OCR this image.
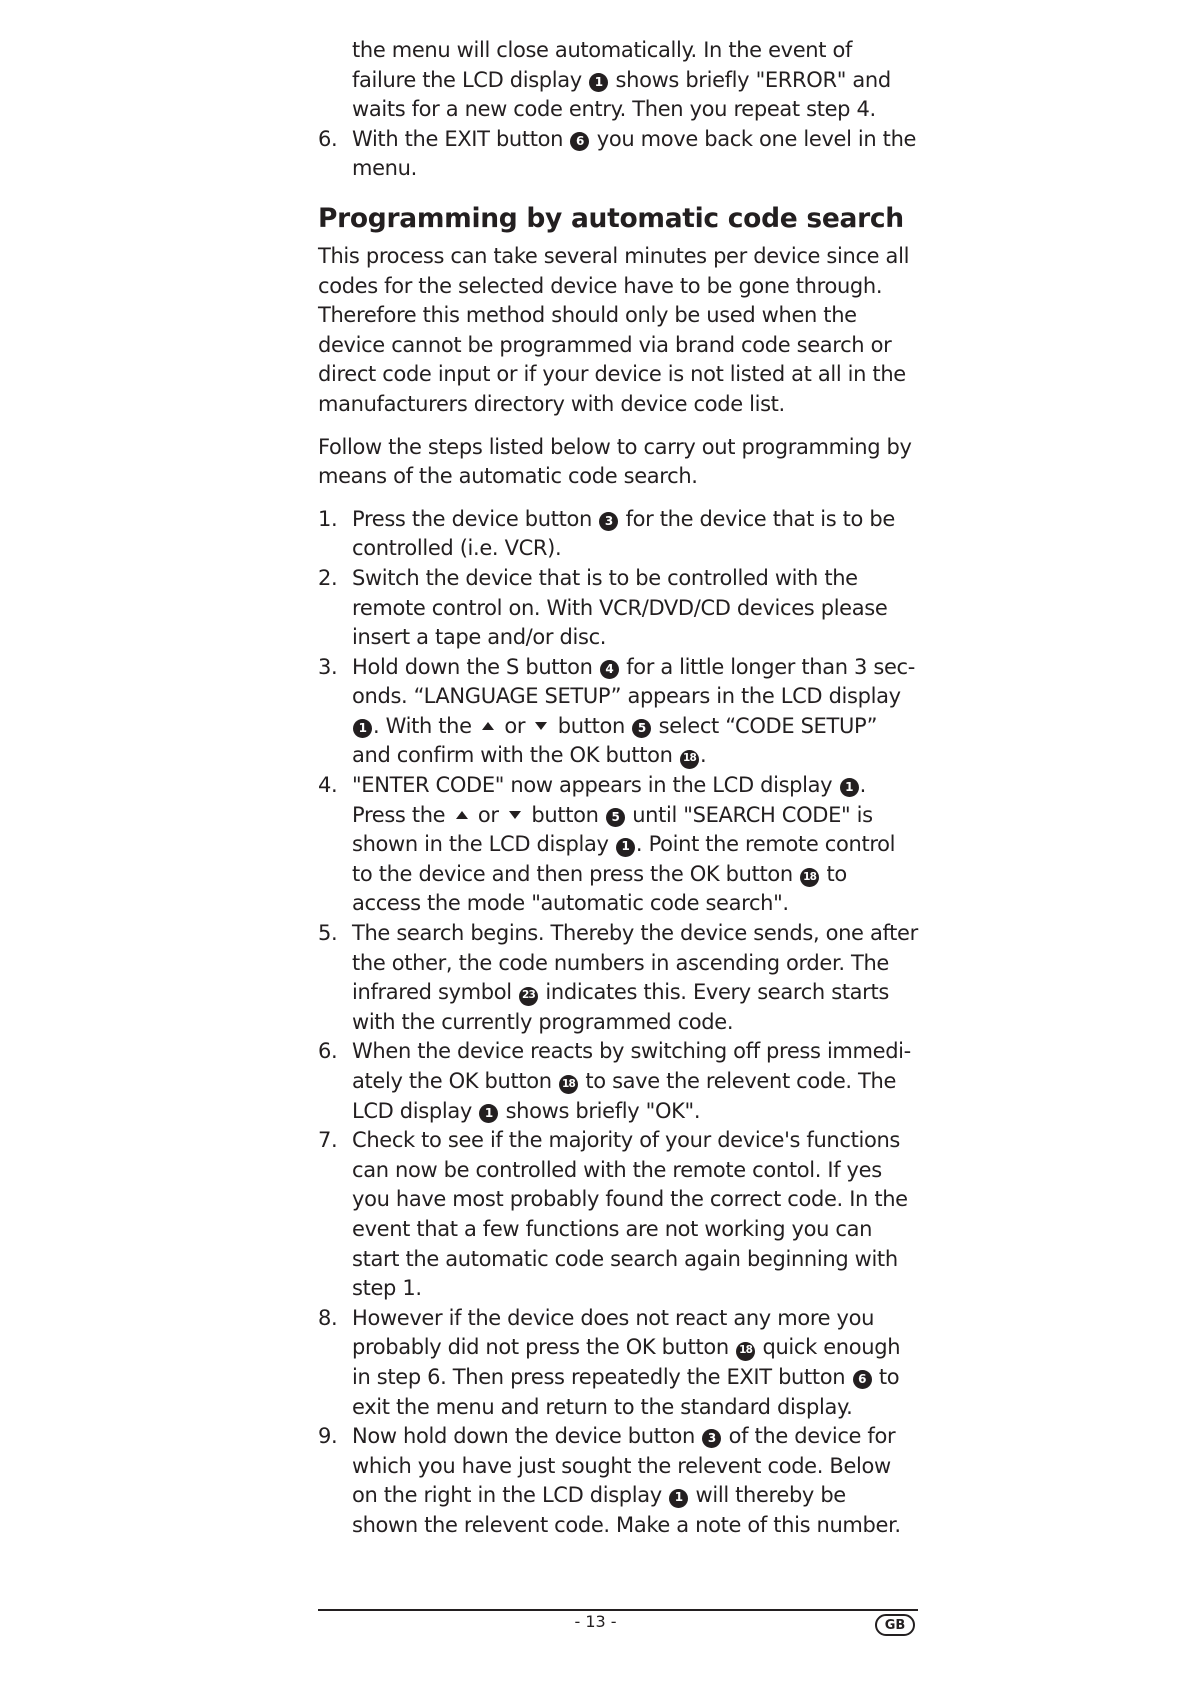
the menu will close automatically. In the event of failure the LCD display 1 shows briefly "ERROR" and waits for a new code entry. Then you repeat step 4.
6. With the EXIT button 6 you move back one level in the menu.
Programming by automatic code search

This process can take several minutes per device since all codes for the selected device have to be gone through. Therefore this method should only be used when the device cannot be programmed via brand code search or direct code input or if your device is not listed at all in the manufacturers directory with device code list.

Follow the steps listed below to carry out programming by means of the automatic code search.

1. Press the device button 3 for the device that is to be controlled (i.e. VCR).
2. Switch the device that is to be controlled with the remote control on. With VCR/DVD/CD devices please insert a tape and/or disc.
3. Hold down the S button 4 for a little longer than 3 seconds. “LANGUAGE SETUP” appears in the LCD display 1 . With the or button 5 select “CODE SETUP” and confirm with the OK button 18 .
4. "ENTER CODE" now appears in the LCD display 1 . Press the or button 5 until "SEARCH CODE" is shown in the LCD display 1 . Point the remote control to the device and then press the OK button 18 to access the mode "automatic code search".
5. The search begins. Thereby the device sends, one after the other, the code numbers in ascending order. The infrared symbol 23 indicates this. Every search starts with the currently programmed code.
6. When the device reacts by switching off press immediately the OK button 18 to save the relevent code. The LCD display 1 shows briefly "OK".
7. Check to see if the majority of your device's functions can now be controlled with the remote contol. If yes you have most probably found the correct code. In the event that a few functions are not working you can start the automatic code search again beginning with step 1.
8. However if the device does not react any more you probably did not press the OK button 18 quick enough in step 6. Then press repeatedly the EXIT button 6 to exit the menu and return to the standard display.
9. Now hold down the device button 3 of the device for which you have just sought the relevent code. Below on the right in the LCD display 1 will thereby be shown the relevent code. Make a note of this number.
- 13 -	GB
